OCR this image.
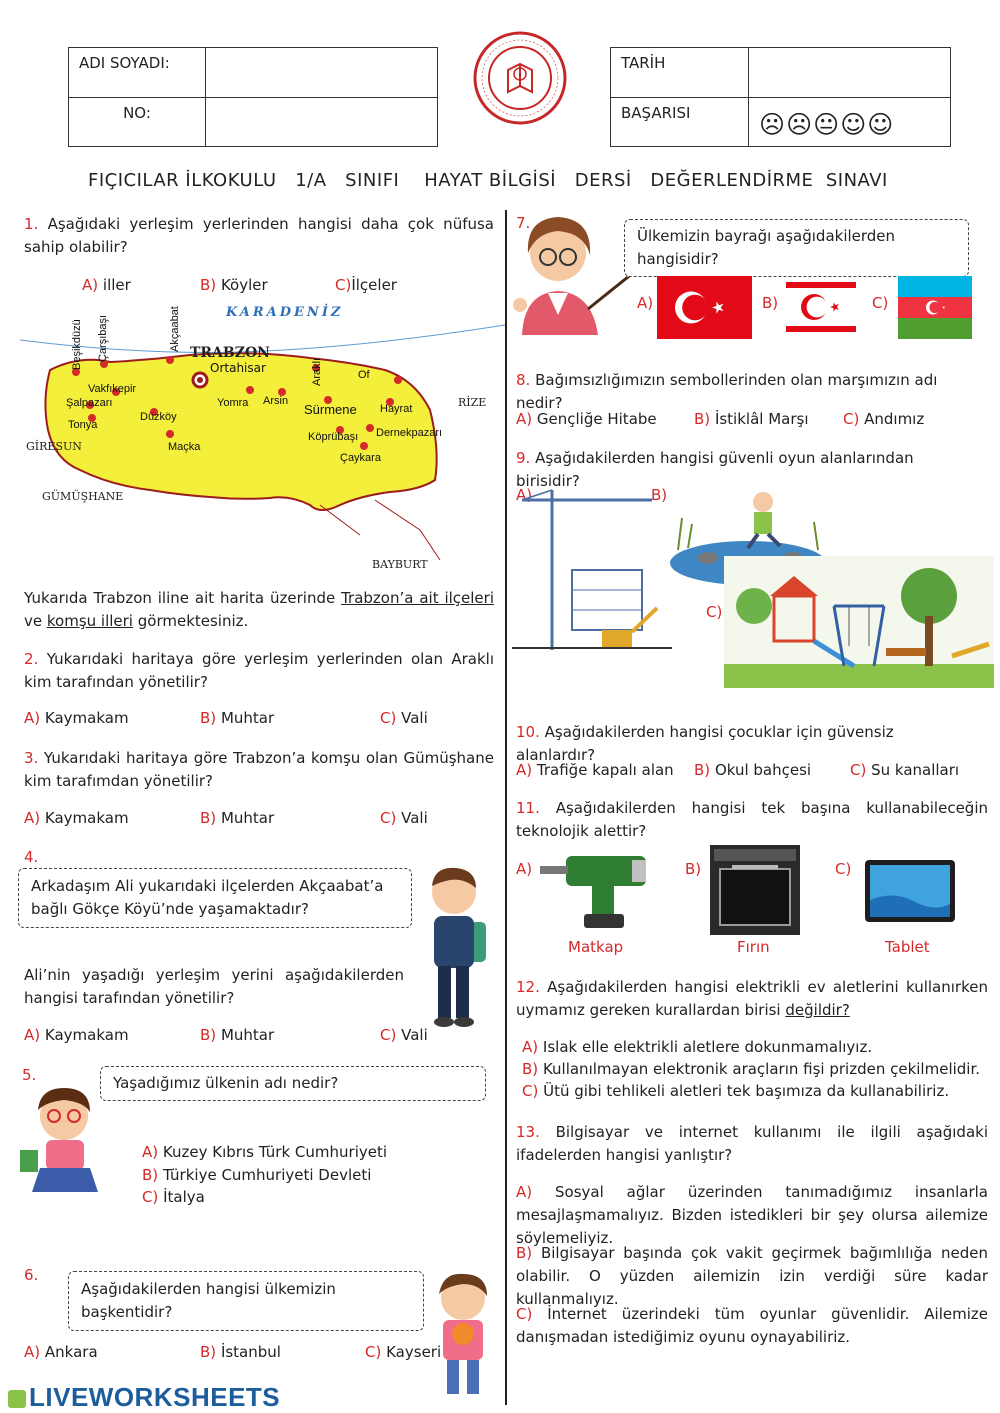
ADI SOYADI:	
NO:	
TARİH	
BAŞARISI	☹☹😐☺☺
FIÇICILAR İLKOKULU   1/A   SINIFI    HAYAT BİLGİSİ   DERSİ   DEĞERLENDİRME  SINAVI
1. Aşağıdaki yerleşim yerlerinden hangisi daha çok nüfusa sahip olabilir?
A) iller	B) Köyler	C)İlçeler
KARADENİZ
TRABZON
Ortahisar
Beşikdüzü Çarşıbaşı	Akçaabat
Araklı	Of
Vakfıkepir
Şalpazarı
Tonya
Düzköy
Yomra Arsin
Sürmene Hayrat
Köprübaşı Dernekpazarı
Maçka
Çaykara
RİZE
GİRESUN
GÜMÜŞHANE
BAYBURT
Yukarıda Trabzon iline ait harita üzerinde Trabzon’a ait ilçeleri ve komşu illeri görmektesiniz.
2. Yukarıdaki haritaya göre yerleşim yerlerinden olan Araklı kim tarafından yönetilir?
A) Kaymakam	B) Muhtar	C) Vali
3. Yukarıdaki haritaya göre Trabzon’a komşu olan Gümüşhane kim tarafımdan yönetilir?
A) Kaymakam	B) Muhtar	C) Vali
4.
Arkadaşım Ali yukarıdaki ilçelerden Akçaabat’a bağlı Gökçe Köyü’nde yaşamaktadır?
Ali’nin yaşadığı yerleşim yerini aşağıdakilerden hangisi tarafından yönetilir?
A) Kaymakam	B) Muhtar	C) Vali
5.	Yaşadığımız ülkenin adı nedir?
A) Kuzey Kıbrıs Türk Cumhuriyeti
B) Türkiye Cumhuriyeti Devleti
C) İtalya
6.
Aşağıdakilerden hangisi ülkemizin başkentidir?
A) Ankara	B) İstanbul	C) Kayseri
LIVEWORKSHEETS
7.
Ülkemizin bayrağı aşağıdakilerden hangisidir?
A)	B)	C)
8. Bağımsızlığımızın sembollerinden olan marşımızın adı nedir?
A) Gençliğe Hitabe B) İstiklâl Marşı C) Andımız
9. Aşağıdakilerden hangisi güvenli oyun alanlarından birisidir?
A)	B)
C)
10. Aşağıdakilerden hangisi çocuklar için güvensiz alanlardır?
A) Trafiğe kapalı alan B) Okul bahçesi	C) Su kanalları
11. Aşağıdakilerden hangisi tek başına kullanabileceğin teknolojik alettir?
A)	B)	C)
Matkap	Fırın	Tablet
12. Aşağıdakilerden hangisi elektrikli ev aletlerini kullanırken uymamız gereken kurallardan birisi değildir?
A) Islak elle elektrikli aletlere dokunmamalıyız.
B) Kullanılmayan elektronik araçların fişi prizden çekilmelidir.
C) Ütü gibi tehlikeli aletleri tek başımıza da kullanabiliriz.
13. Bilgisayar ve internet kullanımı ile ilgili aşağıdaki ifadelerden hangisi yanlıştır?
A) Sosyal ağlar üzerinden tanımadığımız insanlarla mesajlaşmamalıyız. Bizden istedikleri bir şey olursa ailemize söylemeliyiz.
B) Bilgisayar başında çok vakit geçirmek bağımlılığa neden olabilir. O yüzden ailemizin izin verdiği süre kadar kullanmalıyız.
C) İnternet üzerindeki tüm oyunlar güvenlidir. Ailemize danışmadan istediğimiz oyunu oynayabiliriz.
